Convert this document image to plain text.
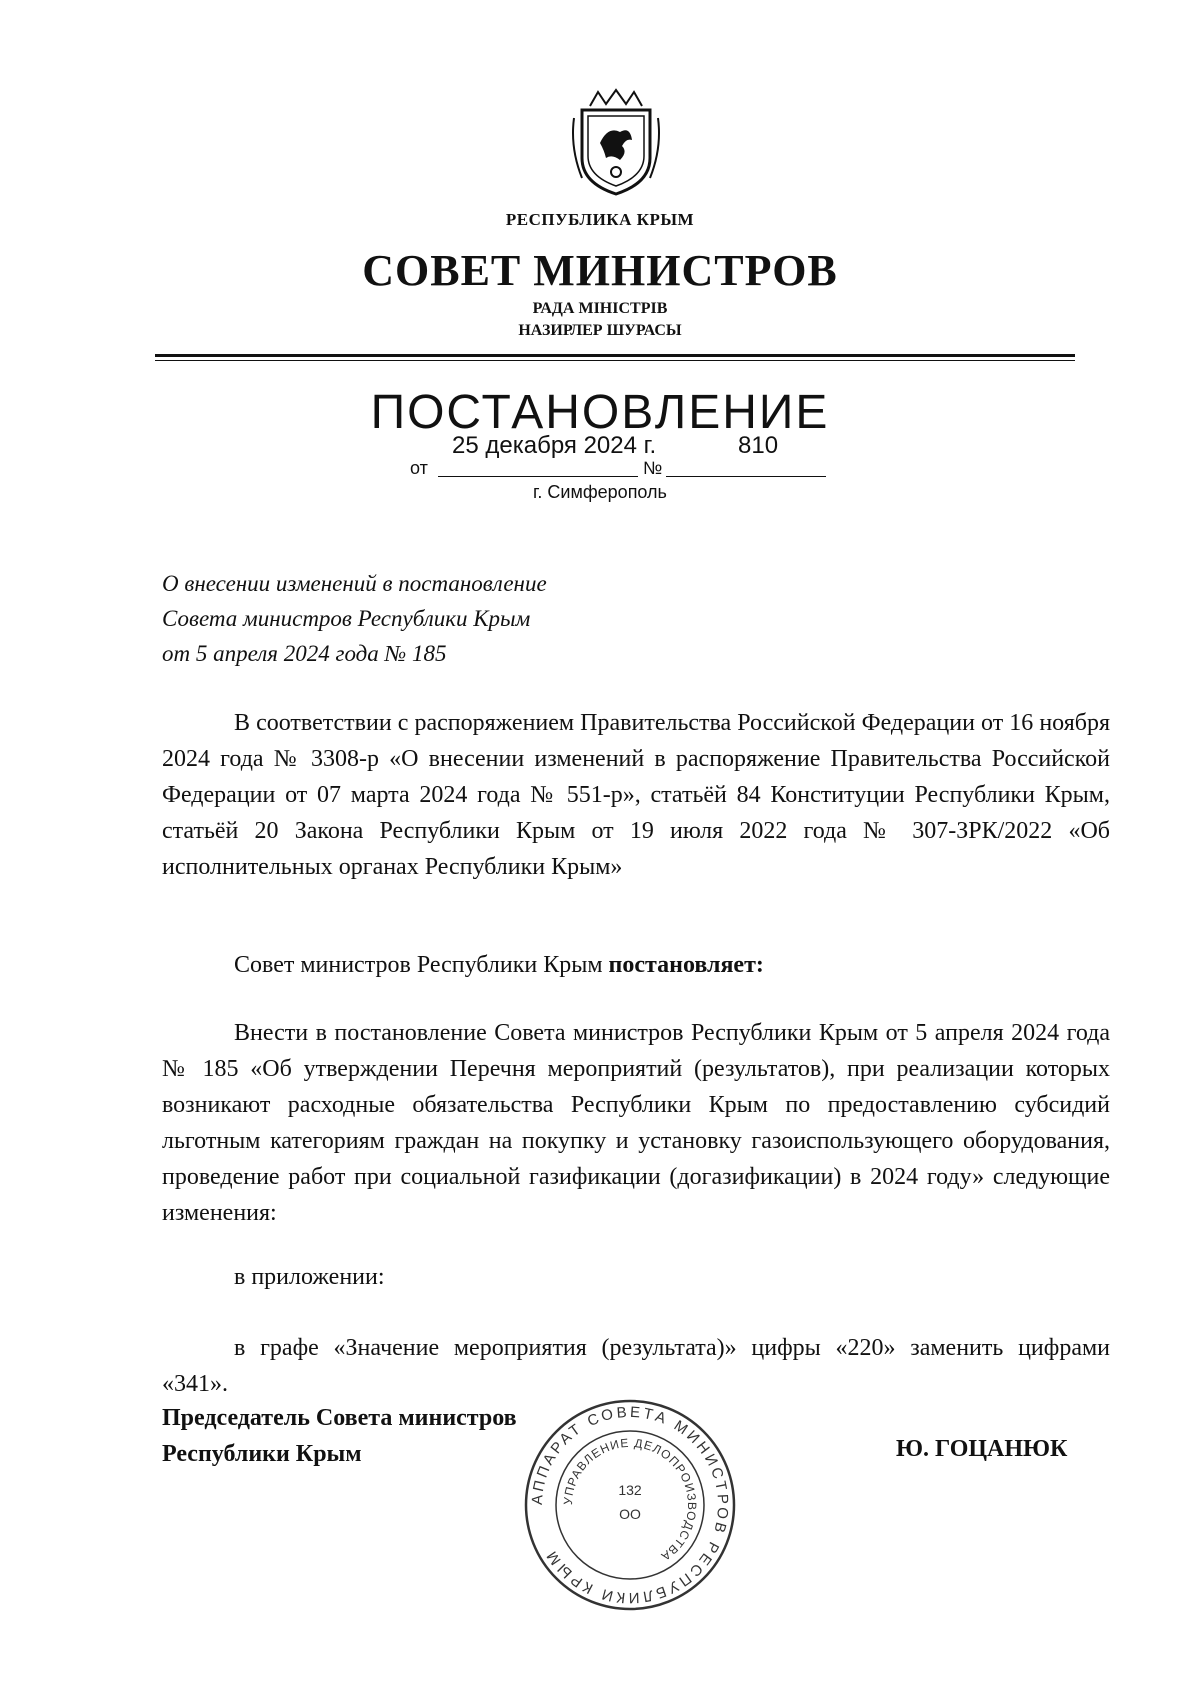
РЕСПУБЛИКА КРЫМ
СОВЕТ МИНИСТРОВ
РАДА МІНІСТРІВ
НАЗИРЛЕР ШУРАСЫ
ПОСТАНОВЛЕНИЕ
25 декабря 2024 г.	810
от	№
г. Симферополь
О внесении изменений в постановление
Совета министров Республики Крым
от 5 апреля 2024 года № 185
В соответствии с распоряжением Правительства Российской Федерации от 16 ноября 2024 года № 3308-р «О внесении изменений в распоряжение Правительства Российской Федерации от 07 марта 2024 года № 551-р», статьёй 84 Конституции Республики Крым, статьёй 20 Закона Республики Крым от 19 июля 2022 года № 307-ЗРК/2022 «Об исполнительных органах Республики Крым»
Совет министров Республики Крым постановляет:
Внести в постановление Совета министров Республики Крым от 5 апреля 2024 года № 185 «Об утверждении Перечня мероприятий (результатов), при реализации которых возникают расходные обязательства Республики Крым по предоставлению субсидий льготным категориям граждан на покупку и установку газоиспользующего оборудования, проведение работ при социальной газификации (догазификации) в 2024 году» следующие изменения:
в приложении:
в графе «Значение мероприятия (результата)» цифры «220» заменить цифрами «341».
АППАРАТ СОВЕТА МИНИСТРОВ РЕСПУБЛИКИ КРЫМ
УПРАВЛЕНИЕ ДЕЛОПРОИЗВОДСТВА
132
ОО
Председатель Совета министров
Республики Крым	Ю. ГОЦАНЮК
